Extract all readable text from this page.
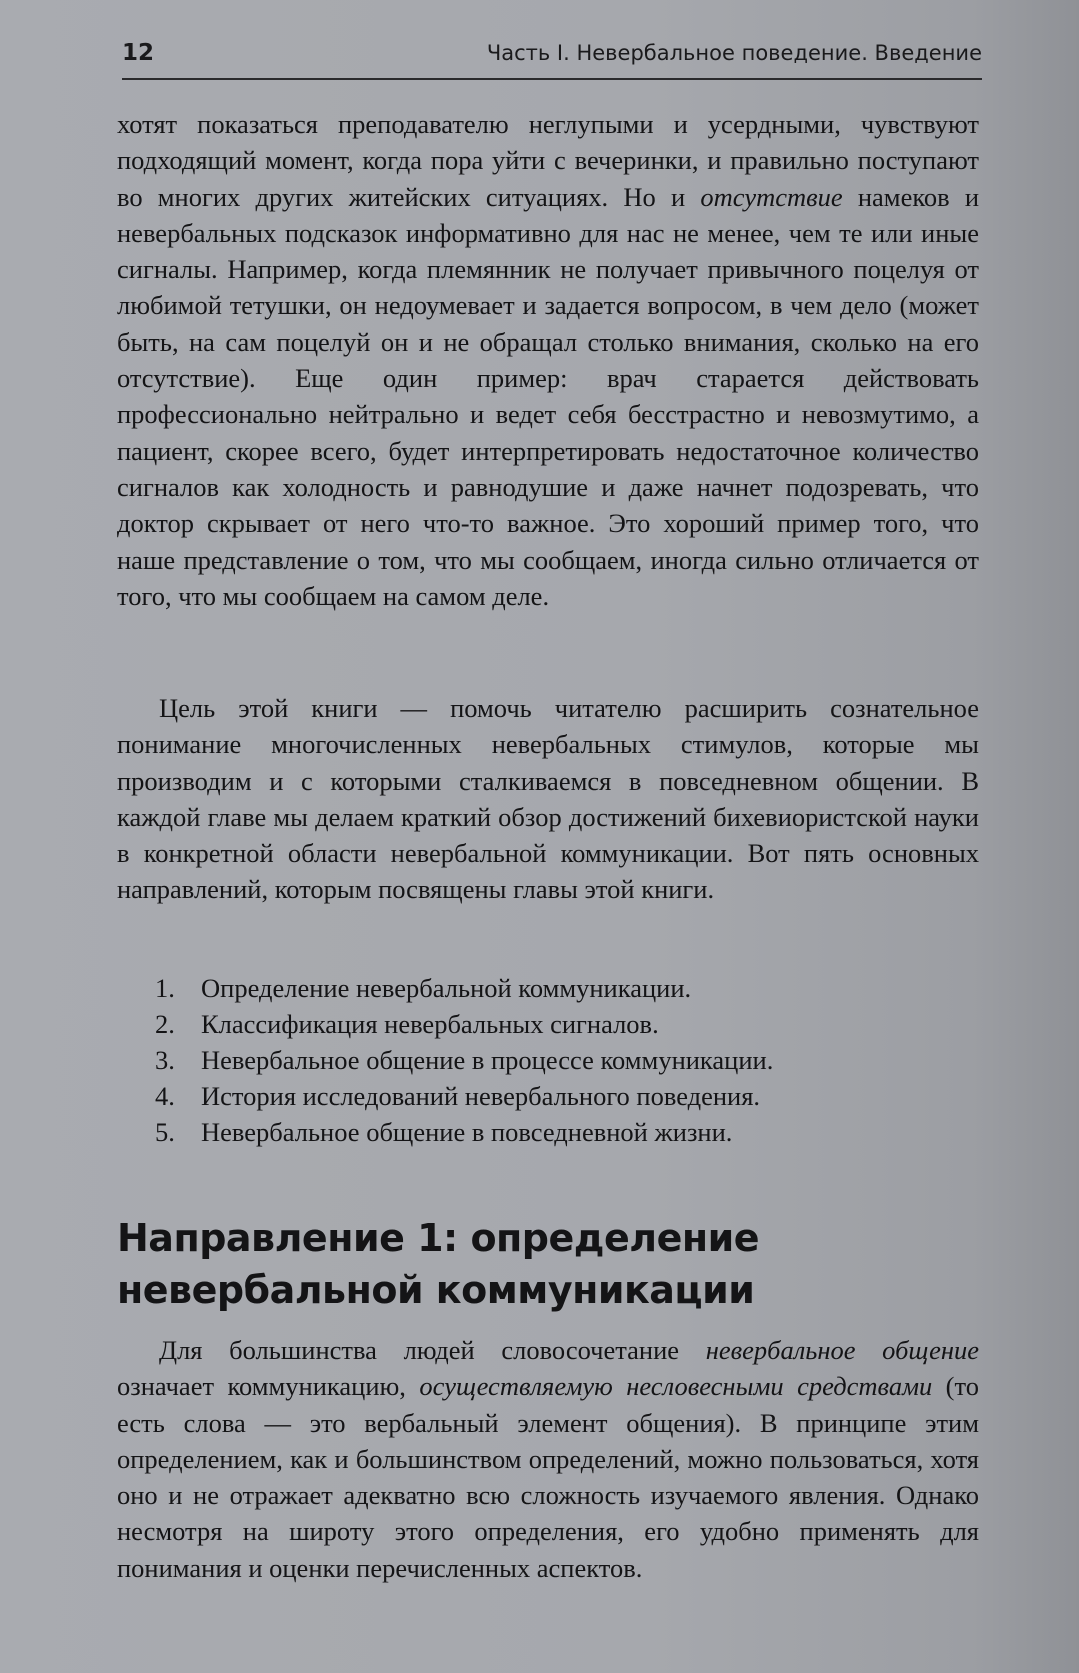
12	Часть I. Невербальное поведение. Введение

хотят показаться преподавателю неглупыми и усердными, чувствуют подходящий момент, когда пора уйти с вечеринки, и правильно поступают во многих других житейских ситуациях. Но и отсутствие намеков и невербальных подсказок информативно для нас не менее, чем те или иные сигналы. Например, когда племянник не получает привычного поцелуя от любимой тетушки, он недоумевает и задается вопросом, в чем дело (может быть, на сам поцелуй он и не обращал столько внимания, сколько на его отсутствие). Еще один пример: врач старается действовать профессионально нейтрально и ведет себя бесстрастно и невозмутимо, а пациент, скорее всего, будет интерпретировать недостаточное количество сигналов как холодность и равнодушие и даже начнет подозревать, что доктор скрывает от него что-то важное. Это хороший пример того, что наше представление о том, что мы сообщаем, иногда сильно отличается от того, что мы сообщаем на самом деле.

Цель этой книги — помочь читателю расширить сознательное понимание многочисленных невербальных стимулов, которые мы производим и с которыми сталкиваемся в повседневном общении. В каждой главе мы делаем краткий обзор достижений бихевиористской науки в конкретной области невербальной коммуникации. Вот пять основных направлений, которым посвящены главы этой книги.

1. Определение невербальной коммуникации.
2. Классификация невербальных сигналов.
3. Невербальное общение в процессе коммуникации.
4. История исследований невербального поведения.
5. Невербальное общение в повседневной жизни.
Направление 1: определение
невербальной коммуникации

Для большинства людей словосочетание невербальное общение означает коммуникацию, осуществляемую несловесными средствами (то есть слова — это вербальный элемент общения). В принципе этим определением, как и большинством определений, можно пользоваться, хотя оно и не отражает адекватно всю сложность изучаемого явления. Однако несмотря на широту этого определения, его удобно применять для понимания и оценки перечисленных аспектов.
